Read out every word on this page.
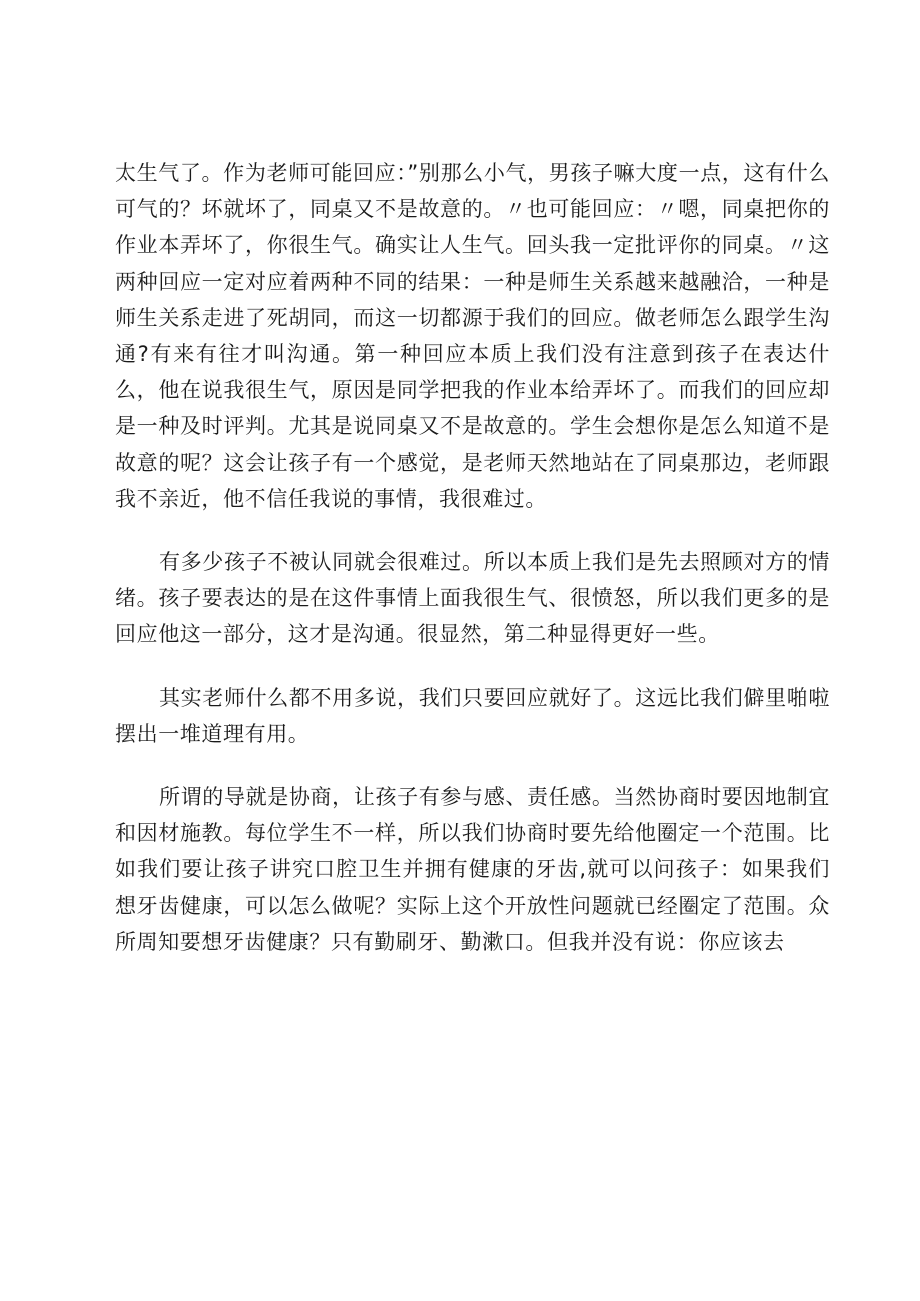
太生气了。作为老师可能回应：”别那么小气，男孩子嘛大度一点，这有什么可气的？坏就坏了，同桌又不是故意的。〃也可能回应：〃嗯，同桌把你的作业本弄坏了，你很生气。确实让人生气。回头我一定批评你的同桌。〃这两种回应一定对应着两种不同的结果：一种是师生关系越来越融洽，一种是师生关系走进了死胡同，而这一切都源于我们的回应。做老师怎么跟学生沟通?有来有往才叫沟通。第一种回应本质上我们没有注意到孩子在表达什么，他在说我很生气，原因是同学把我的作业本给弄坏了。而我们的回应却是一种及时评判。尤其是说同桌又不是故意的。学生会想你是怎么知道不是故意的呢？这会让孩子有一个感觉，是老师天然地站在了同桌那边，老师跟我不亲近，他不信任我说的事情，我很难过。

有多少孩子不被认同就会很难过。所以本质上我们是先去照顾对方的情绪。孩子要表达的是在这件事情上面我很生气、很愤怒，所以我们更多的是回应他这一部分，这才是沟通。很显然，第二种显得更好一些。

其实老师什么都不用多说，我们只要回应就好了。这远比我们僻里啪啦摆出一堆道理有用。

所谓的导就是协商，让孩子有参与感、责任感。当然协商时要因地制宜和因材施教。每位学生不一样，所以我们协商时要先给他圈定一个范围。比如我们要让孩子讲究口腔卫生并拥有健康的牙齿,就可以问孩子：如果我们想牙齿健康，可以怎么做呢？实际上这个开放性问题就已经圈定了范围。众所周知要想牙齿健康？只有勤刷牙、勤漱口。但我并没有说：你应该去
